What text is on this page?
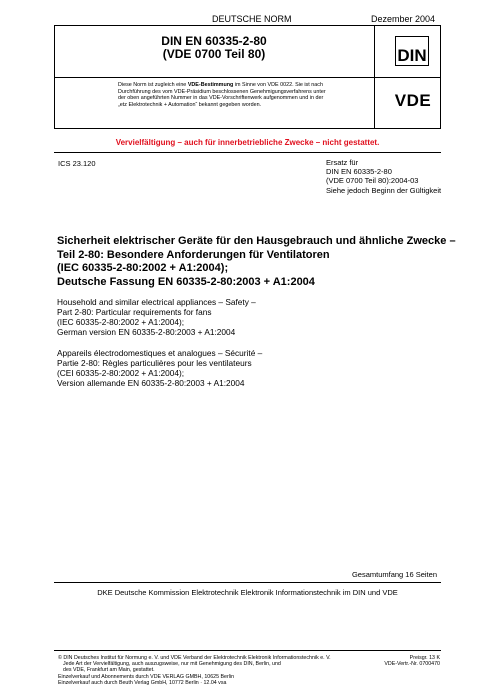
DEUTSCHE NORM	Dezember 2004
DIN EN 60335-2-80
(VDE 0700 Teil 80)	DIN
VDE
Diese Norm ist zugleich eine VDE-Bestimmung im Sinne von VDE 0022. Sie ist nach
Durchführung des vom VDE-Präsidium beschlossenen Genehmigungsverfahrens unter
der oben angeführten Nummer in das VDE-Vorschriftenwerk aufgenommen und in der
„etz Elektrotechnik + Automation“ bekannt gegeben worden.
Vervielfältigung – auch für innerbetriebliche Zwecke – nicht gestattet.
ICS 23.120	Ersatz für
DIN EN 60335-2-80
(VDE 0700 Teil 80):2004-03
Siehe jedoch Beginn der Gültigkeit
Sicherheit elektrischer Geräte für den Hausgebrauch und ähnliche Zwecke –
Teil 2-80: Besondere Anforderungen für Ventilatoren
(IEC 60335-2-80:2002 + A1:2004);
Deutsche Fassung EN 60335-2-80:2003 + A1:2004
Household and similar electrical appliances – Safety –
Part 2-80: Particular requirements for fans
(IEC 60335-2-80:2002 + A1:2004);
German version EN 60335-2-80:2003 + A1:2004
Appareils électrodomestiques et analogues – Sécurité –
Partie 2-80: Règles particulières pour les ventilateurs
(CEI 60335-2-80:2002 + A1:2004);
Version allemande EN 60335-2-80:2003 + A1:2004
Gesamtumfang 16 Seiten
DKE Deutsche Kommission Elektrotechnik Elektronik Informationstechnik im DIN und VDE
© DIN Deutsches Institut für Normung e. V. und VDE Verband der Elektrotechnik Elektronik Informationstechnik e. V.
Jede Art der Vervielfältigung, auch auszugsweise, nur mit Genehmigung des DIN, Berlin, und
des VDE, Frankfurt am Main, gestattet.
Einzelverkauf und Abonnements durch VDE VERLAG GMBH, 10625 Berlin
Einzelverkauf auch durch Beuth Verlag GmbH, 10772 Berlin · 12.04 vsa
Preisgr. 13 K
VDE-Vertr.-Nr. 0700470
